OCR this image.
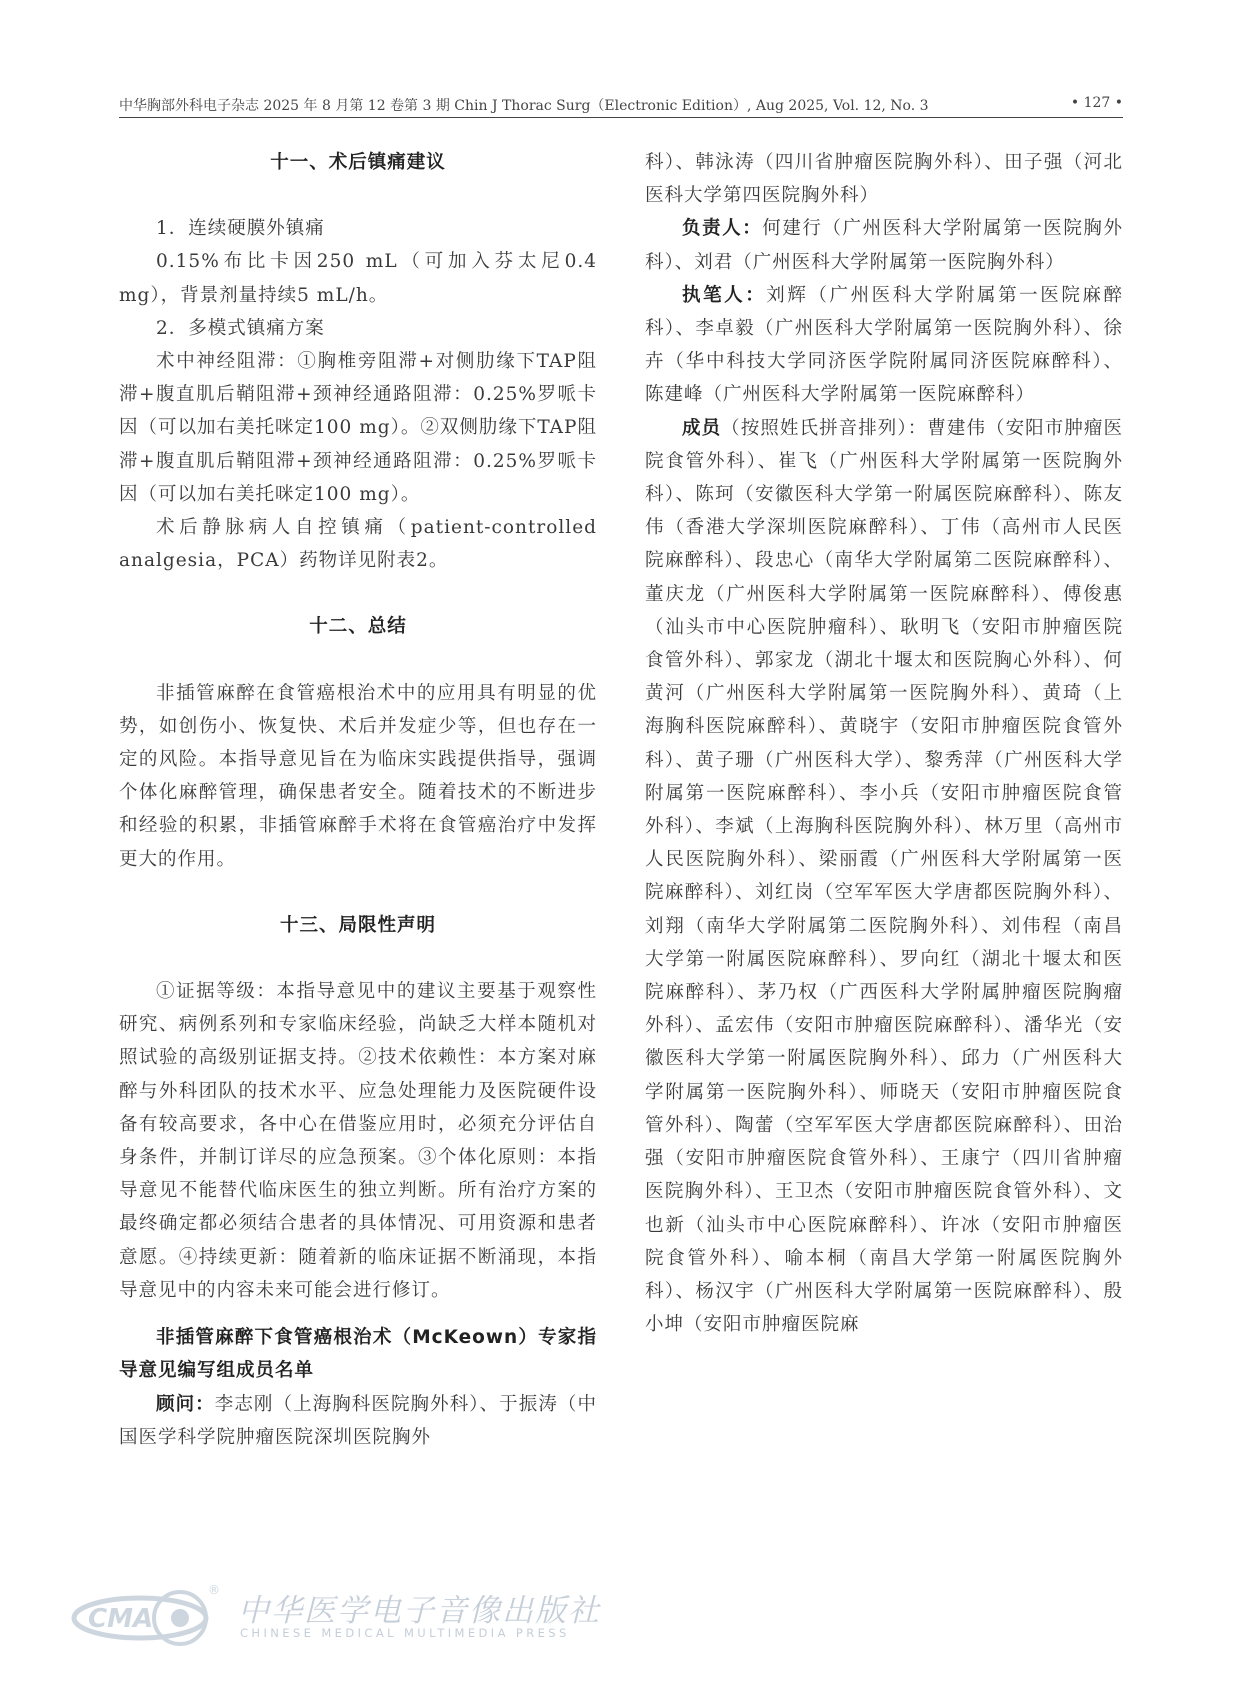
中华胸部外科电子杂志 2025 年 8 月第 12 卷第 3 期 Chin J Thorac Surg（Electronic Edition）, Aug 2025, Vol. 12, No. 3	• 127 •
十一、术后镇痛建议

1．连续硬膜外镇痛

0.15%布比卡因250 mL（可加入芬太尼0.4 mg），背景剂量持续5 mL/h。

2．多模式镇痛方案

术中神经阻滞：①胸椎旁阻滞+对侧肋缘下TAP阻滞+腹直肌后鞘阻滞+颈神经通路阻滞：0.25%罗哌卡因（可以加右美托咪定100 mg）。②双侧肋缘下TAP阻滞+腹直肌后鞘阻滞+颈神经通路阻滞：0.25%罗哌卡因（可以加右美托咪定100 mg）。

术后静脉病人自控镇痛（patient-controlled analgesia，PCA）药物详见附表2。

十二、总结

非插管麻醉在食管癌根治术中的应用具有明显的优势，如创伤小、恢复快、术后并发症少等，但也存在一定的风险。本指导意见旨在为临床实践提供指导，强调个体化麻醉管理，确保患者安全。随着技术的不断进步和经验的积累，非插管麻醉手术将在食管癌治疗中发挥更大的作用。

十三、局限性声明

①证据等级：本指导意见中的建议主要基于观察性研究、病例系列和专家临床经验，尚缺乏大样本随机对照试验的高级别证据支持。②技术依赖性：本方案对麻醉与外科团队的技术水平、应急处理能力及医院硬件设备有较高要求，各中心在借鉴应用时，必须充分评估自身条件，并制订详尽的应急预案。③个体化原则：本指导意见不能替代临床医生的独立判断。所有治疗方案的最终确定都必须结合患者的具体情况、可用资源和患者意愿。④持续更新：随着新的临床证据不断涌现，本指导意见中的内容未来可能会进行修订。

非插管麻醉下食管癌根治术（McKeown）专家指导意见编写组成员名单

顾问：李志刚（上海胸科医院胸外科）、于振涛（中国医学科学院肿瘤医院深圳医院胸外

科）、韩泳涛（四川省肿瘤医院胸外科）、田子强（河北医科大学第四医院胸外科）

负责人：何建行（广州医科大学附属第一医院胸外科）、刘君（广州医科大学附属第一医院胸外科）

执笔人：刘辉（广州医科大学附属第一医院麻醉科）、李卓毅（广州医科大学附属第一医院胸外科）、徐卉（华中科技大学同济医学院附属同济医院麻醉科）、陈建峰（广州医科大学附属第一医院麻醉科）

成员（按照姓氏拼音排列）：曹建伟（安阳市肿瘤医院食管外科）、崔飞（广州医科大学附属第一医院胸外科）、陈珂（安徽医科大学第一附属医院麻醉科）、陈友伟（香港大学深圳医院麻醉科）、丁伟（高州市人民医院麻醉科）、段忠心（南华大学附属第二医院麻醉科）、董庆龙（广州医科大学附属第一医院麻醉科）、傅俊惠（汕头市中心医院肿瘤科）、耿明飞（安阳市肿瘤医院食管外科）、郭家龙（湖北十堰太和医院胸心外科）、何黄河（广州医科大学附属第一医院胸外科）、黄琦（上海胸科医院麻醉科）、黄晓宇（安阳市肿瘤医院食管外科）、黄子珊（广州医科大学）、黎秀萍（广州医科大学附属第一医院麻醉科）、李小兵（安阳市肿瘤医院食管外科）、李斌（上海胸科医院胸外科）、林万里（高州市人民医院胸外科）、梁丽霞（广州医科大学附属第一医院麻醉科）、刘红岗（空军军医大学唐都医院胸外科）、刘翔（南华大学附属第二医院胸外科）、刘伟程（南昌大学第一附属医院麻醉科）、罗向红（湖北十堰太和医院麻醉科）、茅乃权（广西医科大学附属肿瘤医院胸瘤外科）、孟宏伟（安阳市肿瘤医院麻醉科）、潘华光（安徽医科大学第一附属医院胸外科）、邱力（广州医科大学附属第一医院胸外科）、师晓天（安阳市肿瘤医院食管外科）、陶蕾（空军军医大学唐都医院麻醉科）、田治强（安阳市肿瘤医院食管外科）、王康宁（四川省肿瘤医院胸外科）、王卫杰（安阳市肿瘤医院食管外科）、文也新（汕头市中心医院麻醉科）、许冰（安阳市肿瘤医院食管外科）、喻本桐（南昌大学第一附属医院胸外科）、杨汉宇（广州医科大学附属第一医院麻醉科）、殷小坤（安阳市肿瘤医院麻

CMA
®
中华医学电子音像出版社
CHINESE MEDICAL MULTIMEDIA PRESS
